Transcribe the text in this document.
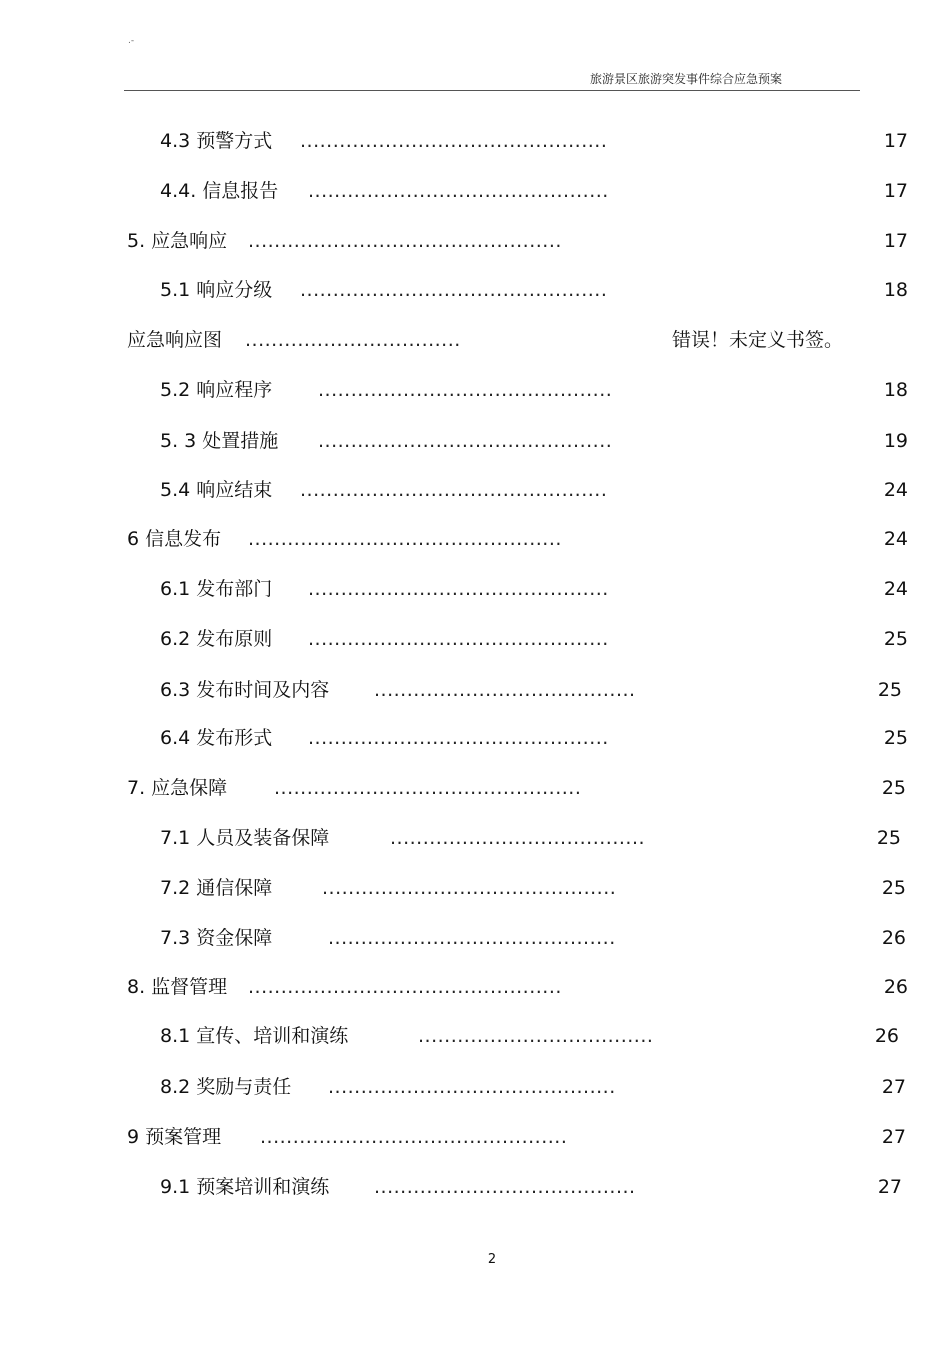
.-
旅游景区旅游突发事件综合应急预案
4.3 预警方式 ...............................................	17
4.4. 信息报告 ..............................................	17
5. 应急响应 ................................................	17
5.1 响应分级 ...............................................	18
应急响应图 .................................	错误！未定义书签。
5.2 响应程序 .............................................	18
5. 3 处置措施 .............................................	19
5.4 响应结束 ...............................................	24
6 信息发布 ................................................	24
6.1 发布部门 ..............................................	24
6.2 发布原则 ..............................................	25
6.3 发布时间及内容 ........................................	25
6.4 发布形式 ..............................................	25
7. 应急保障 ...............................................	25
7.1 人员及装备保障	.......................................	25
7.2 通信保障	.............................................	25
7.3 资金保障	............................................	26
8. 监督管理 ................................................	26
8.1 宣传、培训和演练	....................................	26
8.2 奖励与责任 ............................................	27
9 预案管理 ...............................................	27
9.1 预案培训和演练 ........................................	27
2
